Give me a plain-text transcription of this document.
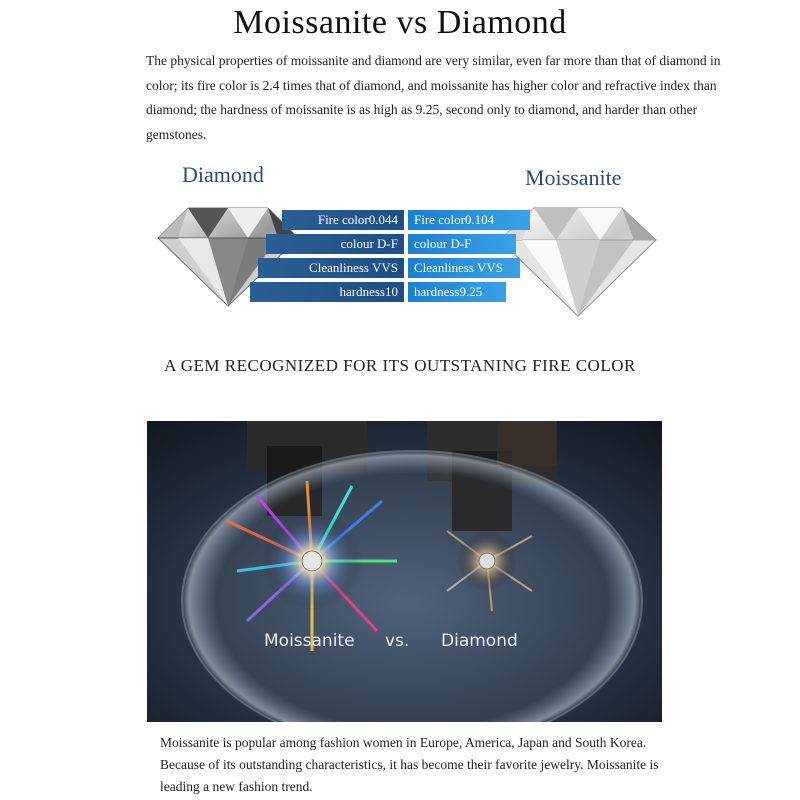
Moissanite vs Diamond
The physical properties of moissanite and diamond are very similar, even far more than that of diamond in color; its fire color is 2.4 times that of diamond, and moissanite has higher color and refractive index than diamond; the hardness of moissanite is as high as 9.25, second only to diamond, and harder than other gemstones.
Diamond	Moissanite
Fire color0.044
colour D-F
Cleanliness VVS
hardness10
Fire color0.104
colour D-F
Cleanliness VVS
hardness9.25
A GEM RECOGNIZED FOR ITS OUTSTANING FIRE COLOR
Moissanite vs. Diamond
Moissanite is popular among fashion women in Europe, America, Japan and South Korea. Because of its outstanding characteristics, it has become their favorite jewelry. Moissanite is leading a new fashion trend.
